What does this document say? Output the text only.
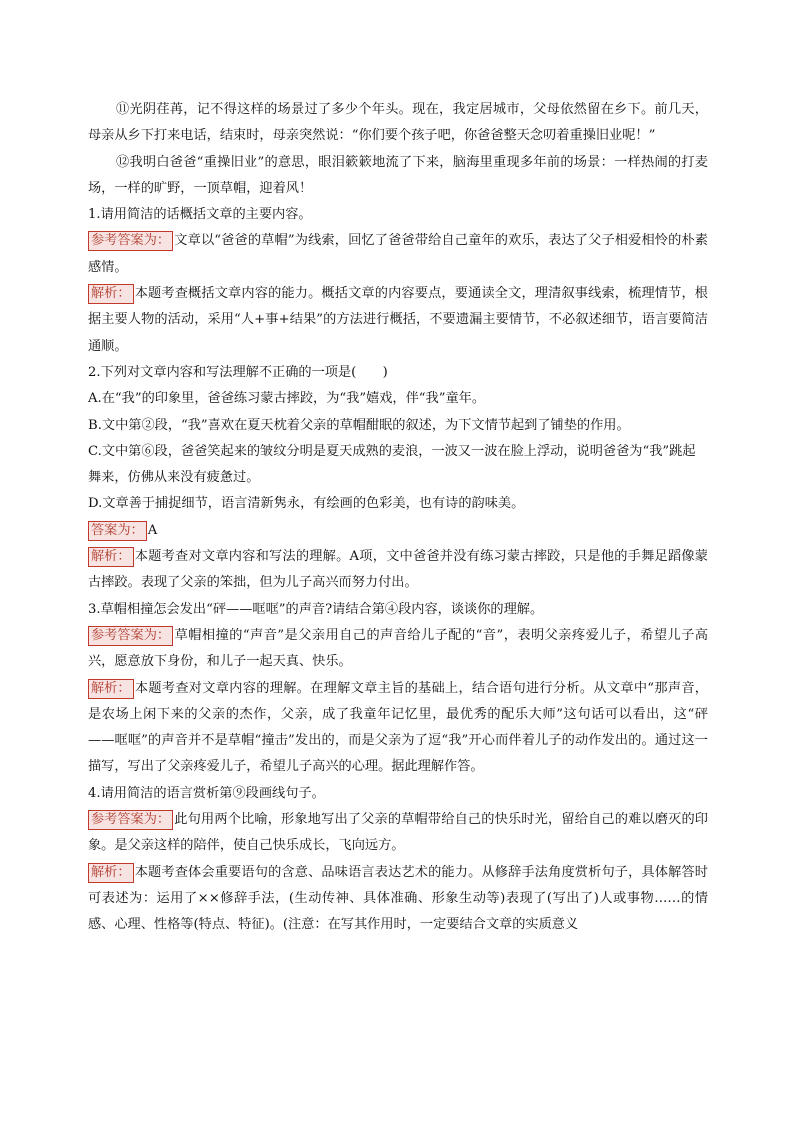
⑪光阴荏苒，记不得这样的场景过了多少个年头。现在，我定居城市，父母依然留在乡下。前几天，母亲从乡下打来电话，结束时，母亲突然说：“你们要个孩子吧，你爸爸整天念叨着重操旧业呢！”

⑫我明白爸爸“重操旧业”的意思，眼泪簌簌地流了下来，脑海里重现多年前的场景：一样热闹的打麦场，一样的旷野，一顶草帽，迎着风！

1.请用简洁的话概括文章的主要内容。

参考答案为： 文章以“爸爸的草帽”为线索，回忆了爸爸带给自己童年的欢乐，表达了父子相爱相怜的朴素感情。

解析： 本题考查概括文章内容的能力。概括文章的内容要点，要通读全文，理清叙事线索，梳理情节，根据主要人物的活动，采用“人+事+结果”的方法进行概括，不要遗漏主要情节，不必叙述细节，语言要简洁通顺。

2.下列对文章内容和写法理解不正确的一项是(　　)

A.在“我”的印象里，爸爸练习蒙古摔跤，为“我”嬉戏，伴“我”童年。

B.文中第②段，“我”喜欢在夏天枕着父亲的草帽酣眠的叙述，为下文情节起到了铺垫的作用。

C.文中第⑥段，爸爸笑起来的皱纹分明是夏天成熟的麦浪，一波又一波在脸上浮动，说明爸爸为“我”跳起舞来，仿佛从来没有疲惫过。

D.文章善于捕捉细节，语言清新隽永，有绘画的色彩美，也有诗的韵味美。

答案为： A

解析： 本题考查对文章内容和写法的理解。A项，文中爸爸并没有练习蒙古摔跤，只是他的手舞足蹈像蒙古摔跤。表现了父亲的笨拙，但为儿子高兴而努力付出。

3.草帽相撞怎会发出“砰——哐哐”的声音?请结合第④段内容，谈谈你的理解。

参考答案为： 草帽相撞的“声音”是父亲用自己的声音给儿子配的“音”，表明父亲疼爱儿子，希望儿子高兴，愿意放下身份，和儿子一起天真、快乐。

解析： 本题考查对文章内容的理解。在理解文章主旨的基础上，结合语句进行分析。从文章中“那声音，是农场上闲下来的父亲的杰作，父亲，成了我童年记忆里，最优秀的配乐大师”这句话可以看出，这“砰——哐哐”的声音并不是草帽“撞击”发出的，而是父亲为了逗“我”开心而伴着儿子的动作发出的。通过这一描写，写出了父亲疼爱儿子，希望儿子高兴的心理。据此理解作答。

4.请用简洁的语言赏析第⑨段画线句子。

参考答案为： 此句用两个比喻，形象地写出了父亲的草帽带给自己的快乐时光，留给自己的难以磨灭的印象。是父亲这样的陪伴，使自己快乐成长，飞向远方。

解析： 本题考查体会重要语句的含意、品味语言表达艺术的能力。从修辞手法角度赏析句子，具体解答时可表述为：运用了××修辞手法，(生动传神、具体准确、形象生动等)表现了(写出了)人或事物……的情感、心理、性格等(特点、特征)。(注意：在写其作用时，一定要结合文章的实质意义
